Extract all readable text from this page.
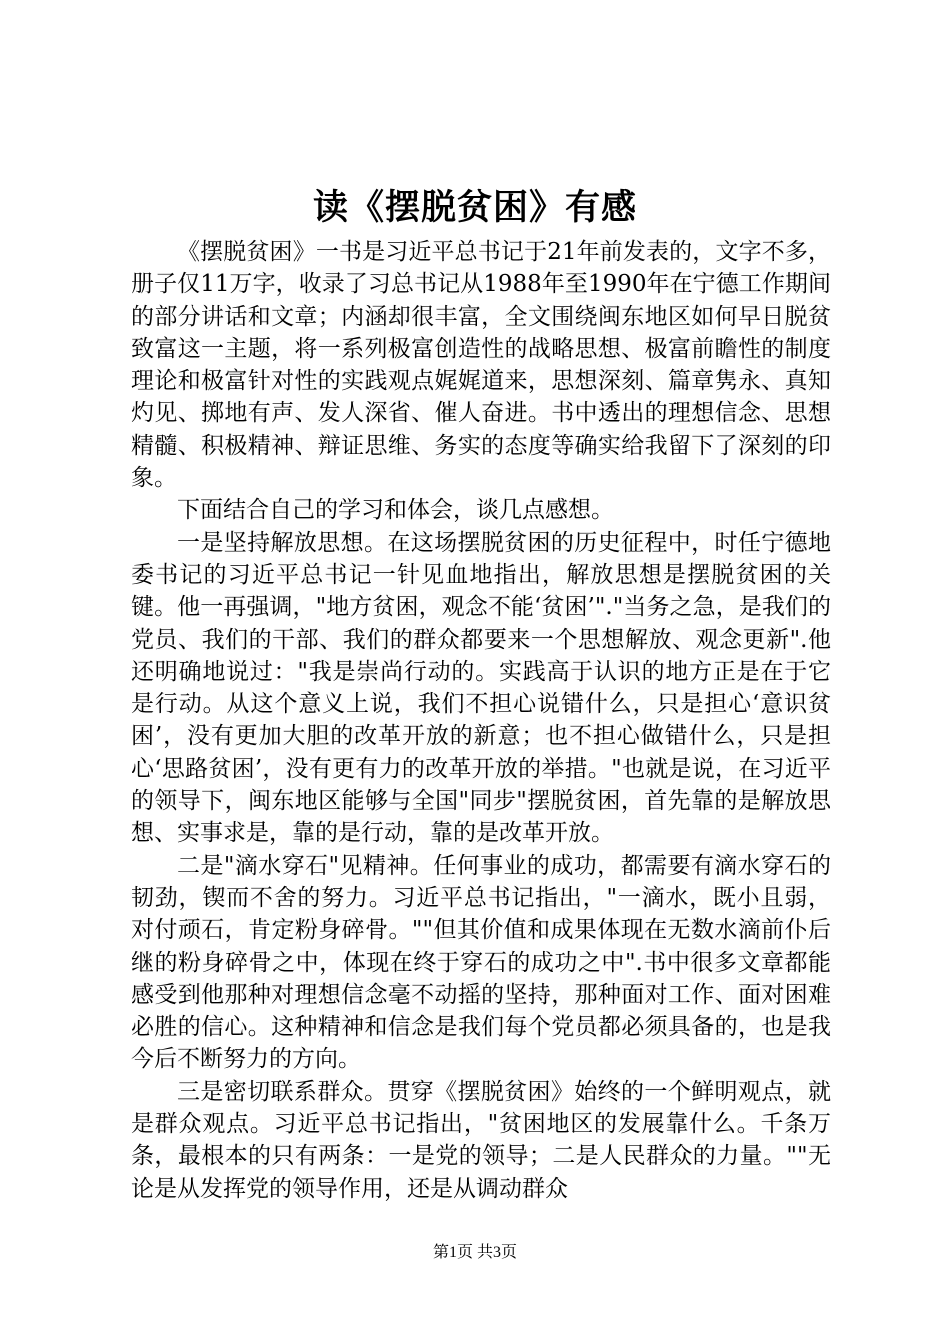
读《摆脱贫困》有感

《摆脱贫困》一书是习近平总书记于21年前发表的，文字不多，册子仅11万字，收录了习总书记从1988年至1990年在宁德工作期间的部分讲话和文章；内涵却很丰富，全文围绕闽东地区如何早日脱贫致富这一主题，将一系列极富创造性的战略思想、极富前瞻性的制度理论和极富针对性的实践观点娓娓道来，思想深刻、篇章隽永、真知灼见、掷地有声、发人深省、催人奋进。书中透出的理想信念、思想精髓、积极精神、辩证思维、务实的态度等确实给我留下了深刻的印象。

下面结合自己的学习和体会，谈几点感想。

一是坚持解放思想。在这场摆脱贫困的历史征程中，时任宁德地委书记的习近平总书记一针见血地指出，解放思想是摆脱贫困的关键。他一再强调，"地方贫困，观念不能‘贫困’"."当务之急，是我们的党员、我们的干部、我们的群众都要来一个思想解放、观念更新".他还明确地说过："我是崇尚行动的。实践高于认识的地方正是在于它是行动。从这个意义上说，我们不担心说错什么，只是担心‘意识贫困’，没有更加大胆的改革开放的新意；也不担心做错什么，只是担心‘思路贫困’，没有更有力的改革开放的举措。"也就是说，在习近平的领导下，闽东地区能够与全国"同步"摆脱贫困，首先靠的是解放思想、实事求是，靠的是行动，靠的是改革开放。

二是"滴水穿石"见精神。任何事业的成功，都需要有滴水穿石的韧劲，锲而不舍的努力。习近平总书记指出，"一滴水，既小且弱，对付顽石，肯定粉身碎骨。""但其价值和成果体现在无数水滴前仆后继的粉身碎骨之中，体现在终于穿石的成功之中".书中很多文章都能感受到他那种对理想信念毫不动摇的坚持，那种面对工作、面对困难必胜的信心。这种精神和信念是我们每个党员都必须具备的，也是我今后不断努力的方向。

三是密切联系群众。贯穿《摆脱贫困》始终的一个鲜明观点，就是群众观点。习近平总书记指出，"贫困地区的发展靠什么。千条万条，最根本的只有两条：一是党的领导；二是人民群众的力量。""无论是从发挥党的领导作用，还是从调动群众

第1页 共3页
